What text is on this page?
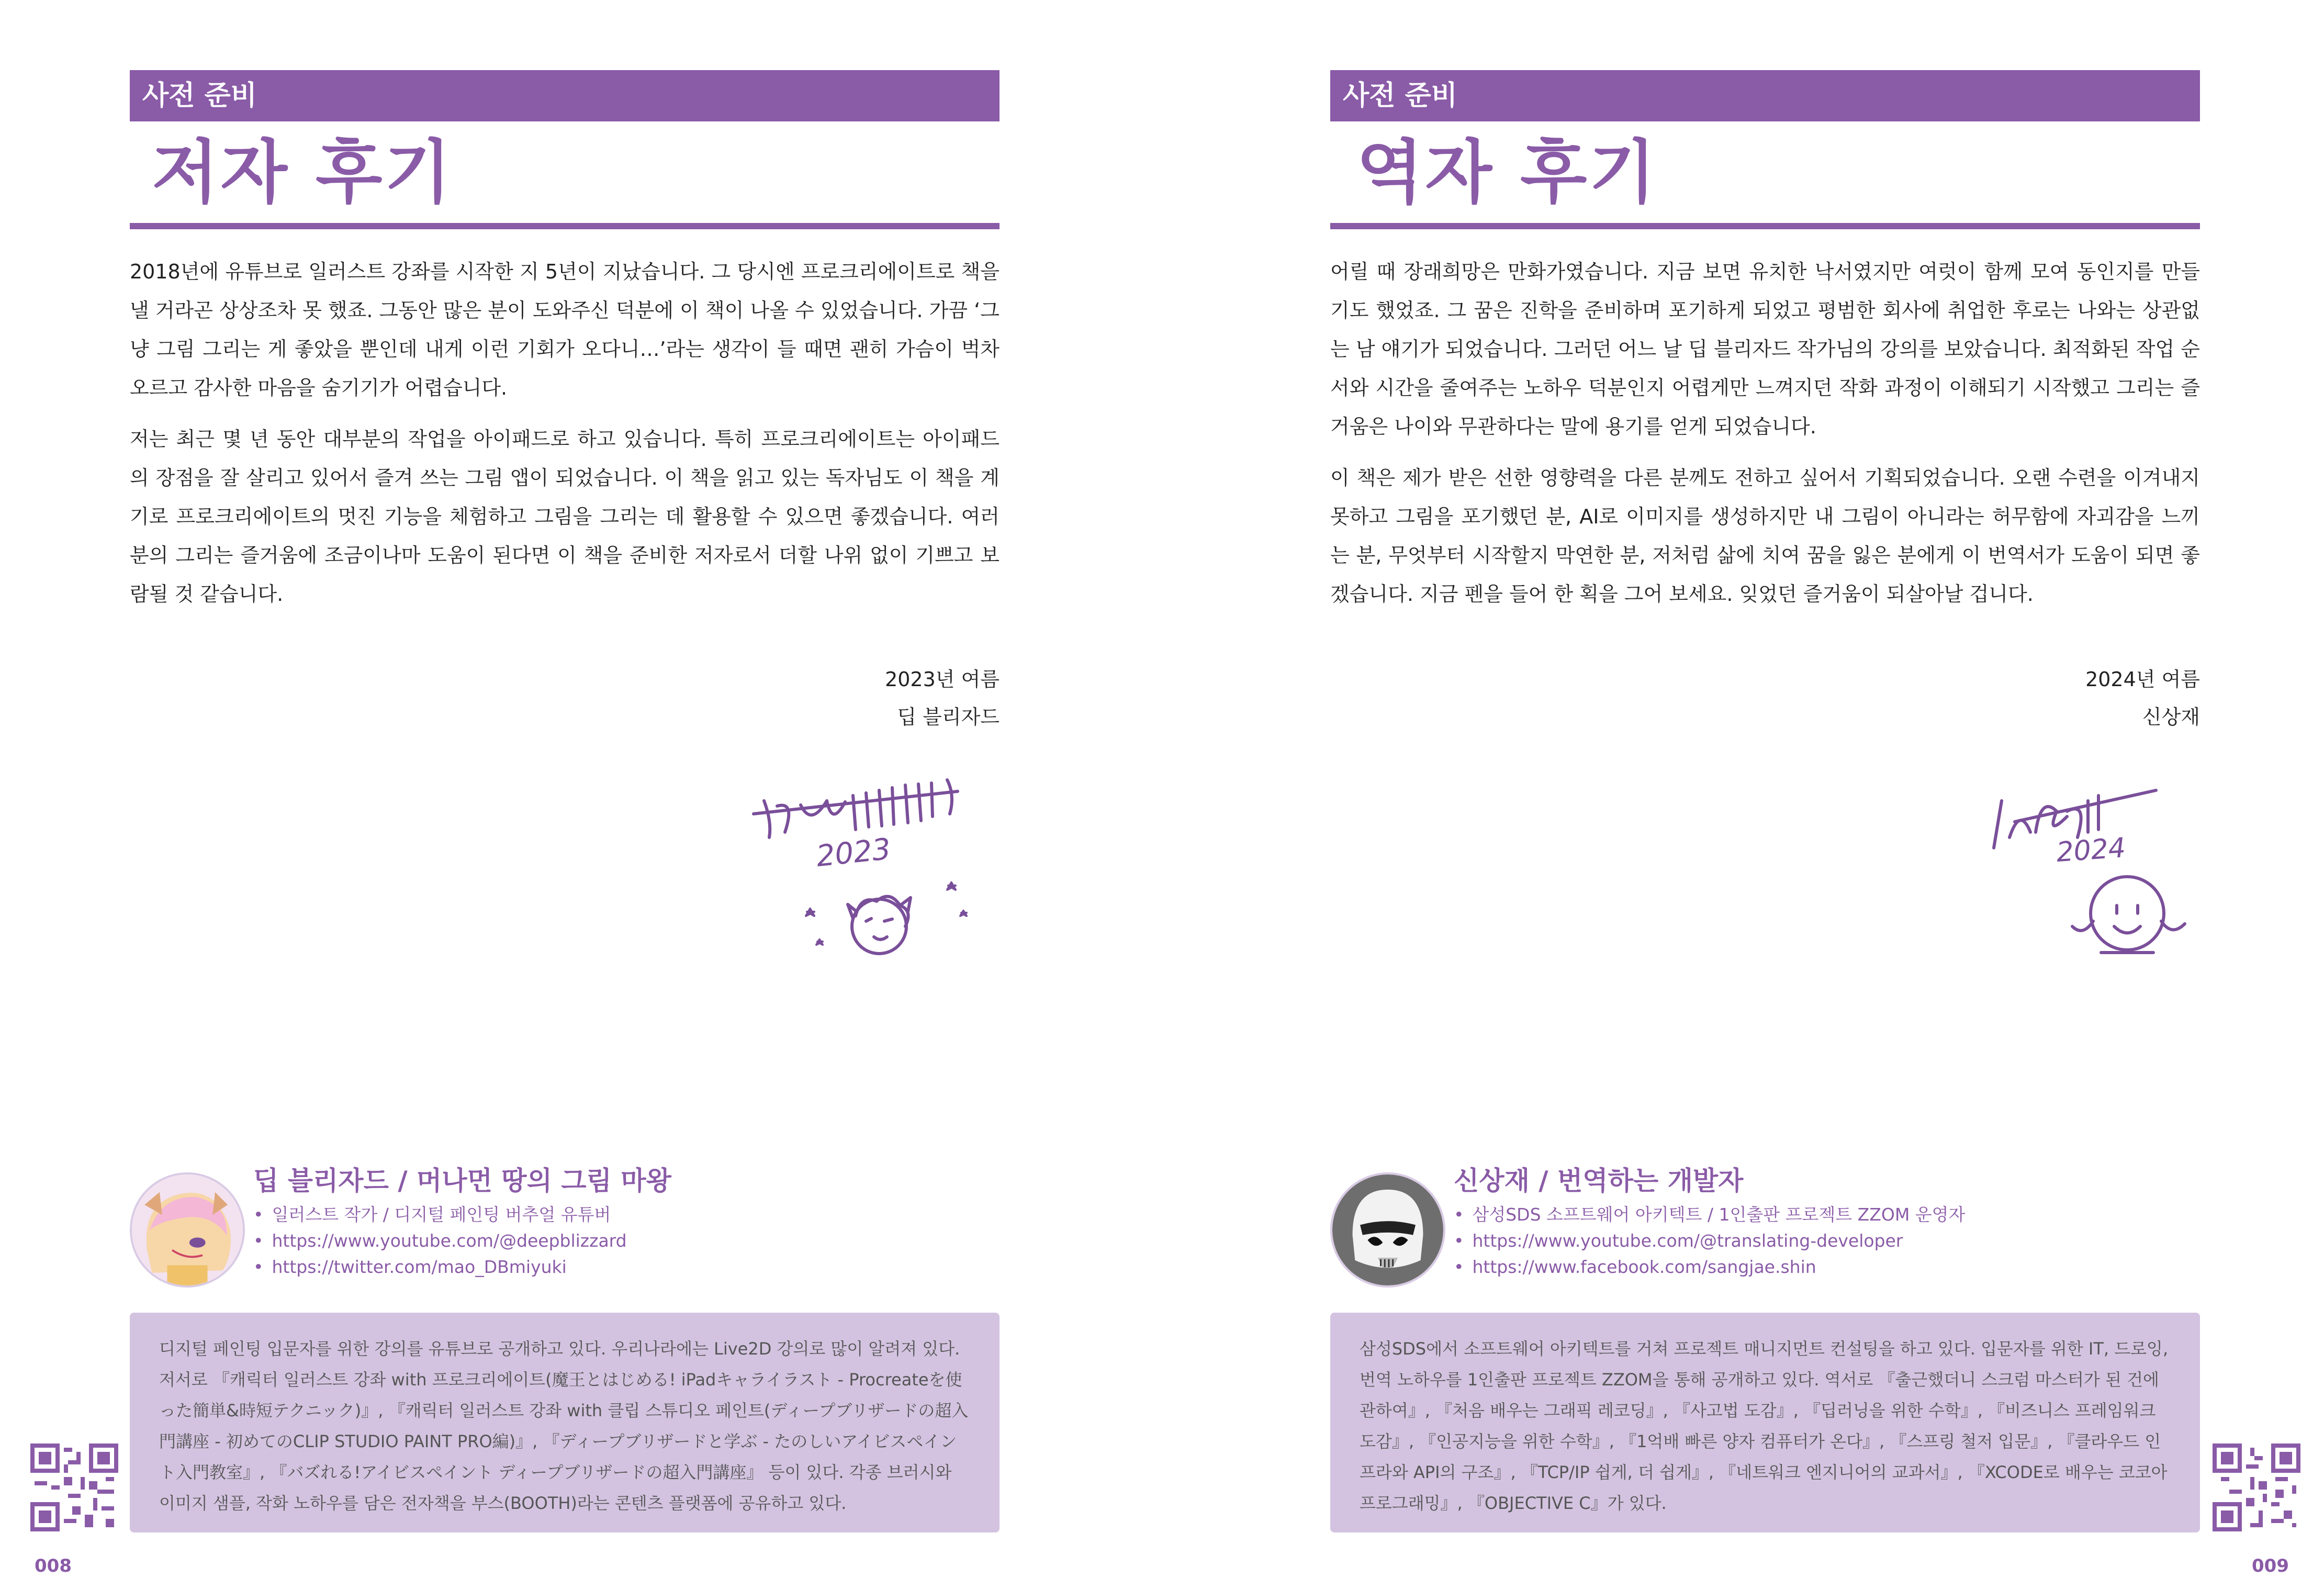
사전 준비
저자 후기

2018년에 유튜브로 일러스트 강좌를 시작한 지 5년이 지났습니다. 그 당시엔 프로크리에이트로 책을 낼 거라곤 상상조차 못 했죠. 그동안 많은 분이 도와주신 덕분에 이 책이 나올 수 있었습니다. 가끔 ‘그냥 그림 그리는 게 좋았을 뿐인데 내게 이런 기회가 오다니…’라는 생각이 들 때면 괜히 가슴이 벅차오르고 감사한 마음을 숨기기가 어렵습니다.

저는 최근 몇 년 동안 대부분의 작업을 아이패드로 하고 있습니다. 특히 프로크리에이트는 아이패드의 장점을 잘 살리고 있어서 즐겨 쓰는 그림 앱이 되었습니다. 이 책을 읽고 있는 독자님도 이 책을 계기로 프로크리에이트의 멋진 기능을 체험하고 그림을 그리는 데 활용할 수 있으면 좋겠습니다. 여러분의 그리는 즐거움에 조금이나마 도움이 된다면 이 책을 준비한 저자로서 더할 나위 없이 기쁘고 보람될 것 같습니다.

2023년 여름
딥 블리자드
2023
딥 블리자드 / 머나먼 땅의 그림 마왕
• 일러스트 작가 / 디지털 페인팅 버추얼 유튜버
• https://www.youtube.com/@deepblizzard
• https://twitter.com/mao_DBmiyuki
디지털 페인팅 입문자를 위한 강의를 유튜브로 공개하고 있다. 우리나라에는 Live2D 강의로 많이 알려져 있다. 저서로 『캐릭터 일러스트 강좌 with 프로크리에이트(魔王とはじめる! iPadキャライラスト - Procreateを使った簡単&時短テクニック)』, 『캐릭터 일러스트 강좌 with 클립 스튜디오 페인트(ディープブリザードの超入門講座 - 初めてのCLIP STUDIO PAINT PRO編)』, 『ディープブリザードと学ぶ - たのしいアイビスペイント入門教室』, 『バズれる!アイビスペイント ディープブリザードの超入門講座』 등이 있다. 각종 브러시와 이미지 샘플, 작화 노하우를 담은 전자책을 부스(BOOTH)라는 콘텐츠 플랫폼에 공유하고 있다.
008
사전 준비
역자 후기

어릴 때 장래희망은 만화가였습니다. 지금 보면 유치한 낙서였지만 여럿이 함께 모여 동인지를 만들기도 했었죠. 그 꿈은 진학을 준비하며 포기하게 되었고 평범한 회사에 취업한 후로는 나와는 상관없는 남 얘기가 되었습니다. 그러던 어느 날 딥 블리자드 작가님의 강의를 보았습니다. 최적화된 작업 순서와 시간을 줄여주는 노하우 덕분인지 어렵게만 느껴지던 작화 과정이 이해되기 시작했고 그리는 즐거움은 나이와 무관하다는 말에 용기를 얻게 되었습니다.

이 책은 제가 받은 선한 영향력을 다른 분께도 전하고 싶어서 기획되었습니다. 오랜 수련을 이겨내지 못하고 그림을 포기했던 분, AI로 이미지를 생성하지만 내 그림이 아니라는 허무함에 자괴감을 느끼는 분, 무엇부터 시작할지 막연한 분, 저처럼 삶에 치여 꿈을 잃은 분에게 이 번역서가 도움이 되면 좋겠습니다. 지금 펜을 들어 한 획을 그어 보세요. 잊었던 즐거움이 되살아날 겁니다.

2024년 여름
신상재
2024
신상재 / 번역하는 개발자
• 삼성SDS 소프트웨어 아키텍트 / 1인출판 프로젝트 ZZOM 운영자
• https://www.youtube.com/@translating-developer
• https://www.facebook.com/sangjae.shin
삼성SDS에서 소프트웨어 아키텍트를 거쳐 프로젝트 매니지먼트 컨설팅을 하고 있다. 입문자를 위한 IT, 드로잉, 번역 노하우를 1인출판 프로젝트 ZZOM을 통해 공개하고 있다. 역서로 『출근했더니 스크럼 마스터가 된 건에 관하여』, 『처음 배우는 그래픽 레코딩』, 『사고법 도감』, 『딥러닝을 위한 수학』, 『비즈니스 프레임워크 도감』, 『인공지능을 위한 수학』, 『1억배 빠른 양자 컴퓨터가 온다』, 『스프링 철저 입문』, 『클라우드 인프라와 API의 구조』, 『TCP/IP 쉽게, 더 쉽게』, 『네트워크 엔지니어의 교과서』, 『XCODE로 배우는 코코아 프로그래밍』, 『OBJECTIVE C』가 있다.
009
